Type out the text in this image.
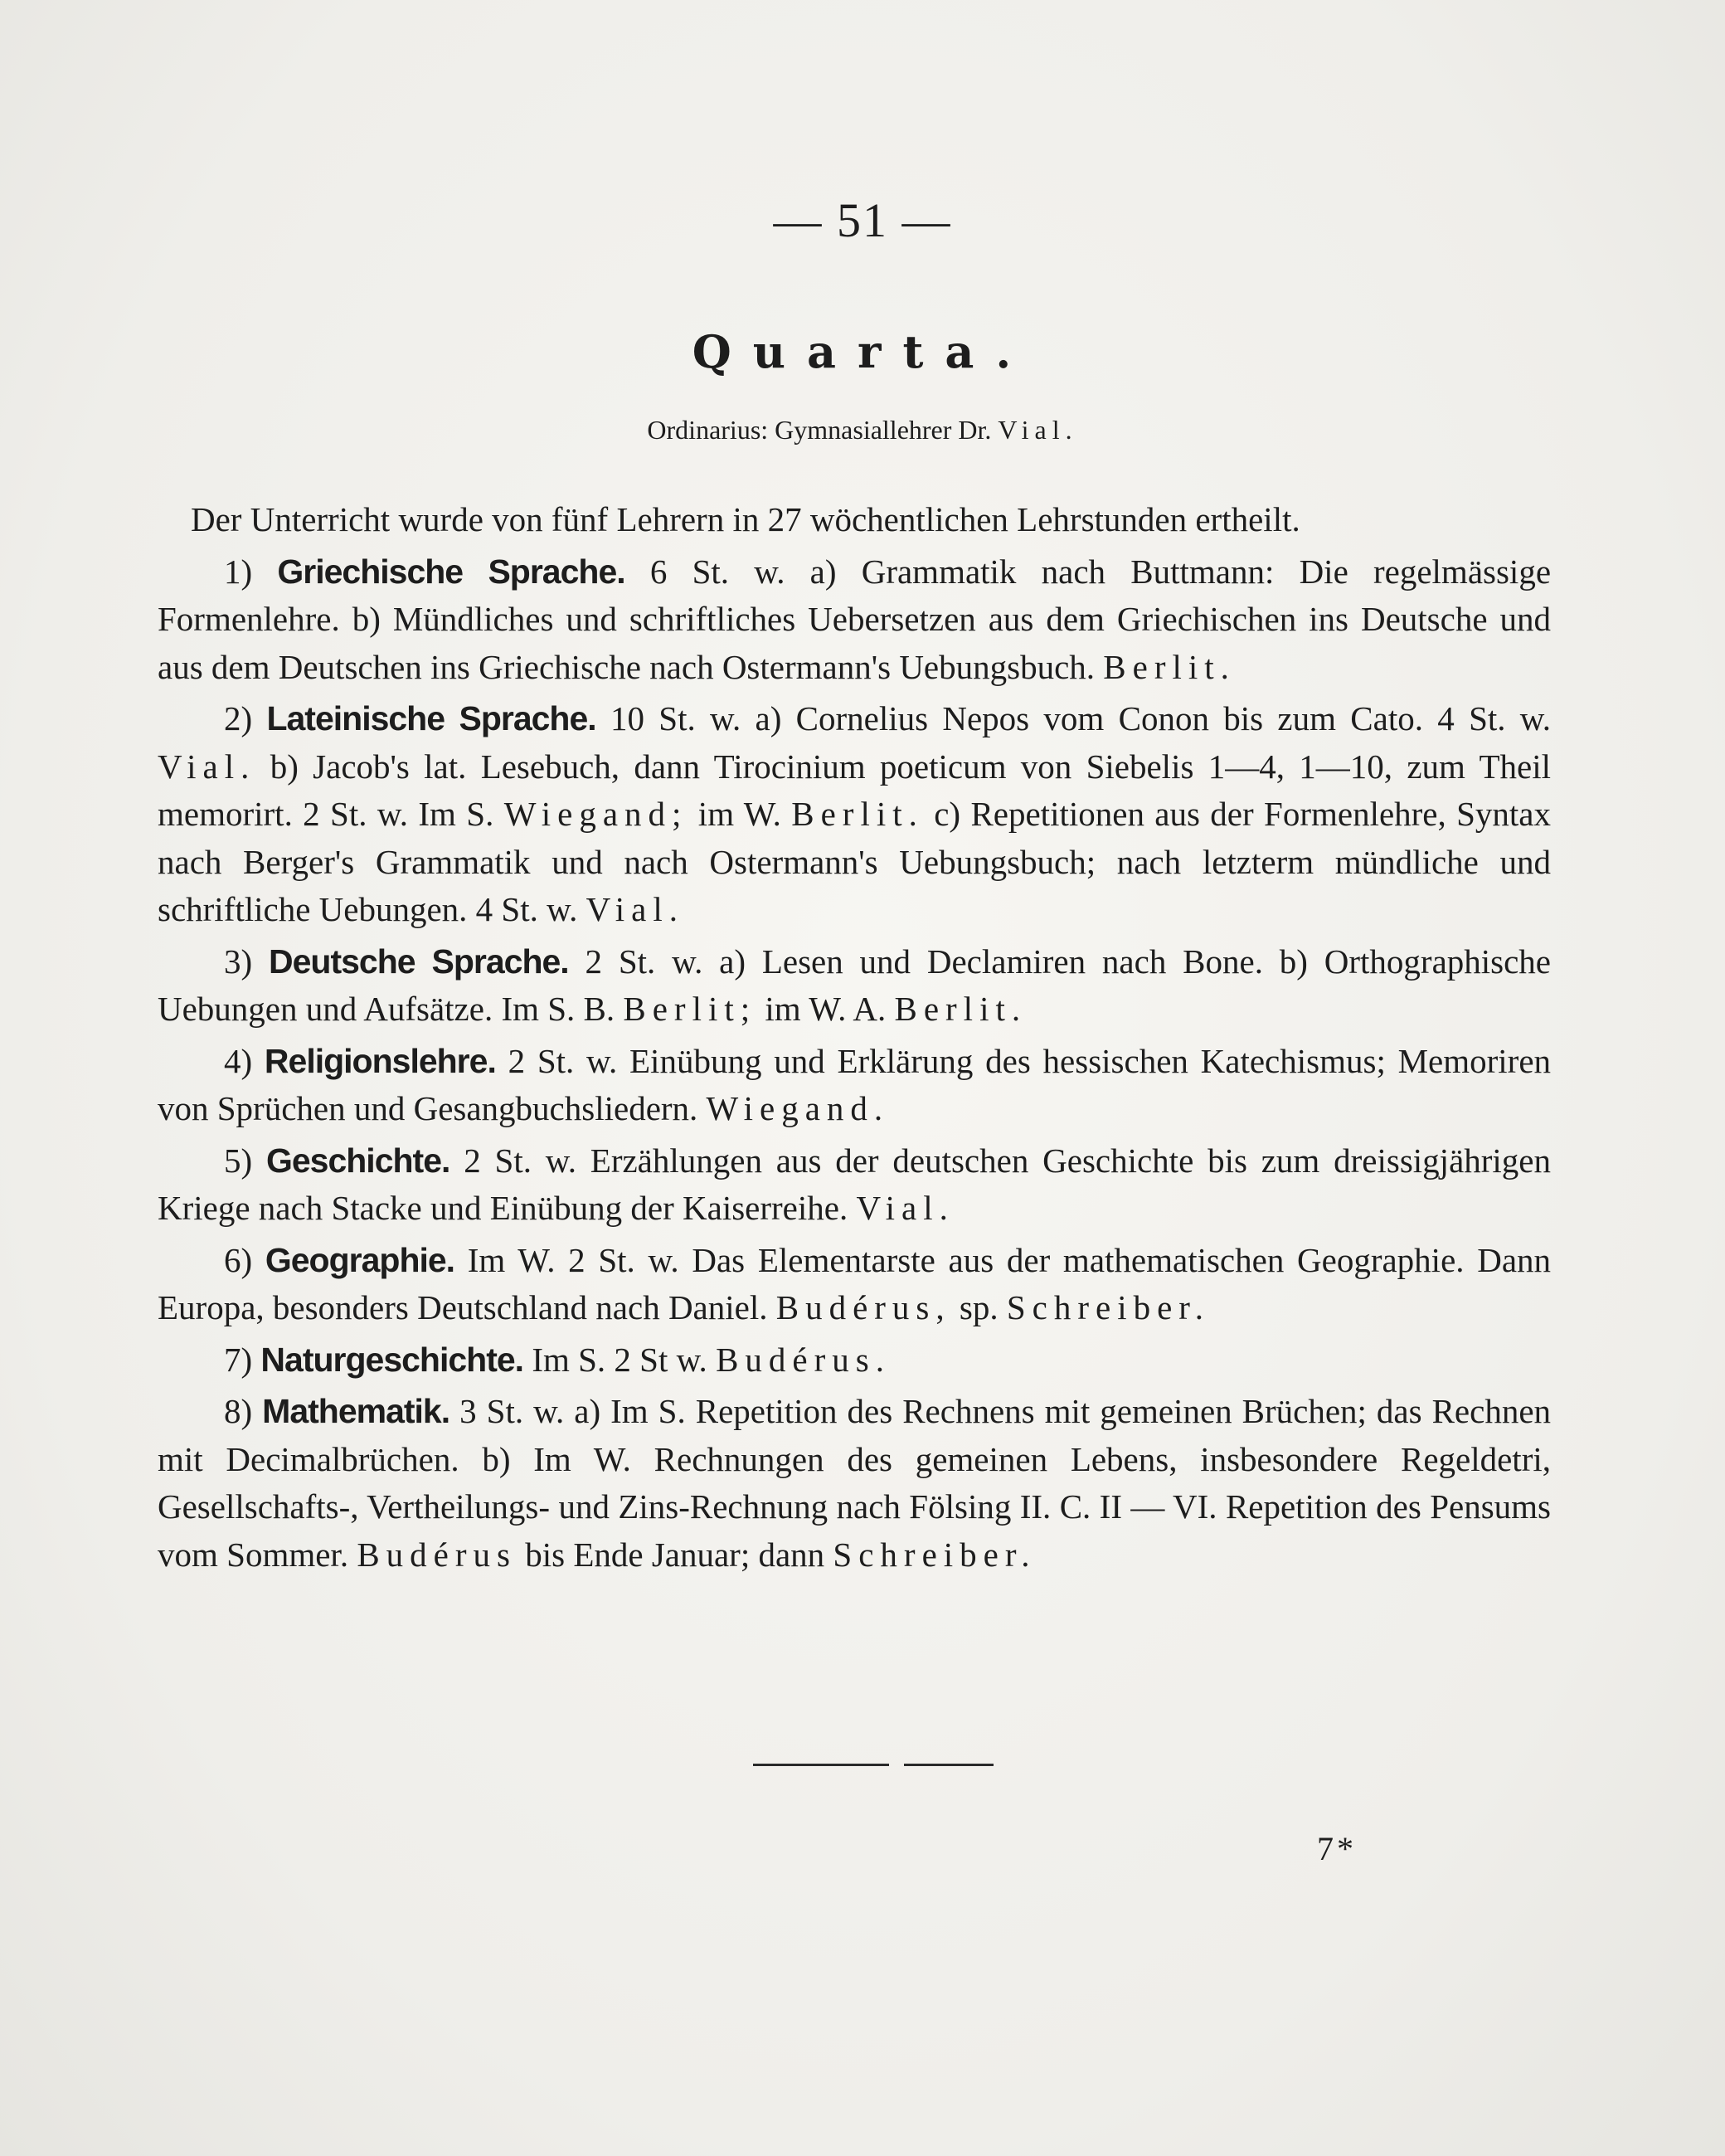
— 51 —
Quarta.
Ordinarius: Gymnasiallehrer Dr. Vial.

Der Unterricht wurde von fünf Lehrern in 27 wöchentlichen Lehrstunden ertheilt.

1) Griechische Sprache. 6 St. w. a) Grammatik nach Buttmann: Die regelmässige Formenlehre. b) Mündliches und schriftliches Uebersetzen aus dem Griechischen ins Deutsche und aus dem Deutschen ins Griechische nach Ostermann's Uebungsbuch. Berlit.

2) Lateinische Sprache. 10 St. w. a) Cornelius Nepos vom Conon bis zum Cato. 4 St. w. Vial. b) Jacob's lat. Lesebuch, dann Tirocinium poeticum von Siebelis 1—4, 1—10, zum Theil memorirt. 2 St. w. Im S. Wiegand; im W. Berlit. c) Repetitionen aus der Formenlehre, Syntax nach Berger's Grammatik und nach Ostermann's Uebungsbuch; nach letzterm mündliche und schriftliche Uebungen. 4 St. w. Vial.

3) Deutsche Sprache. 2 St. w. a) Lesen und Declamiren nach Bone. b) Orthographische Uebungen und Aufsätze. Im S. B. Berlit; im W. A. Berlit.

4) Religionslehre. 2 St. w. Einübung und Erklärung des hessischen Katechismus; Memoriren von Sprüchen und Gesangbuchsliedern. Wiegand.

5) Geschichte. 2 St. w. Erzählungen aus der deutschen Geschichte bis zum dreissigjährigen Kriege nach Stacke und Einübung der Kaiserreihe. Vial.

6) Geographie. Im W. 2 St. w. Das Elementarste aus der mathematischen Geographie. Dann Europa, besonders Deutschland nach Daniel. Budérus, sp. Schreiber.

7) Naturgeschichte. Im S. 2 St w. Budérus.

8) Mathematik. 3 St. w. a) Im S. Repetition des Rechnens mit gemeinen Brüchen; das Rechnen mit Decimalbrüchen. b) Im W. Rechnungen des gemeinen Lebens, insbesondere Regeldetri, Gesellschafts-, Vertheilungs- und Zins-Rechnung nach Fölsing II. C. II — VI. Repetition des Pensums vom Sommer. Budérus bis Ende Januar; dann Schreiber.

7*
